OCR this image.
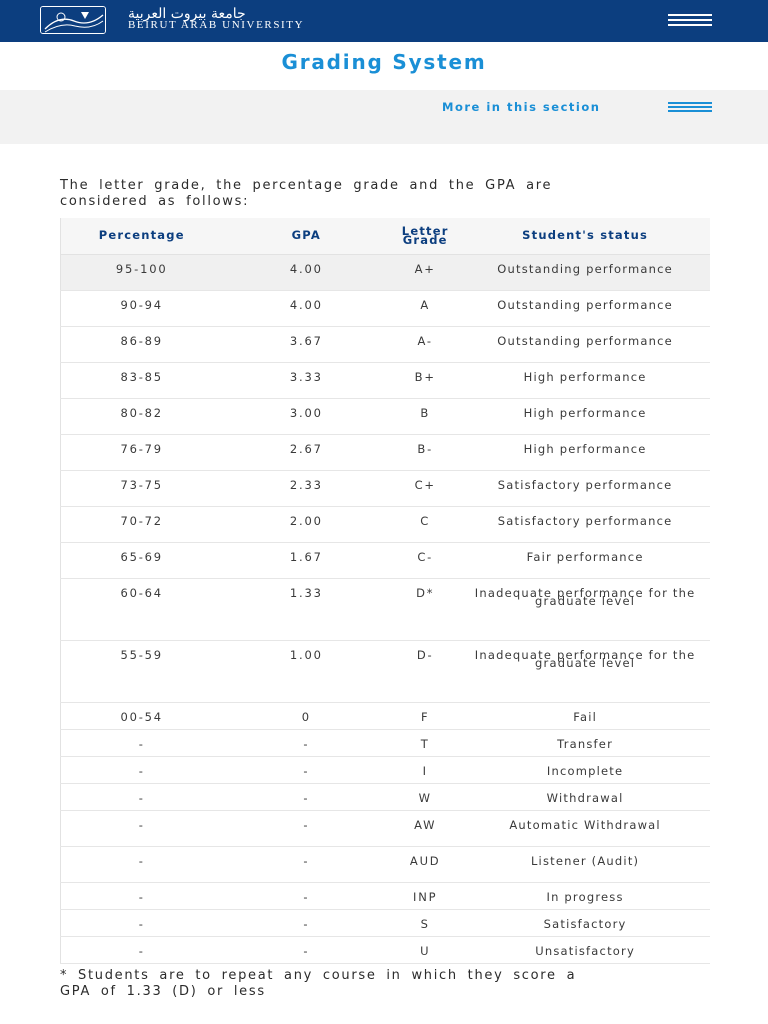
جامعة بيروت العربية
BEIRUT ARAB UNIVERSITY
Grading System
More in this section

The letter grade, the percentage grade and the GPA are considered as follows:

Percentage	GPA	Letter Grade	Student's status
95-100	4.00	A+	Outstanding performance
90-94	4.00	A	Outstanding performance
86-89	3.67	A-	Outstanding performance
83-85	3.33	B+	High performance
80-82	3.00	B	High performance
76-79	2.67	B-	High performance
73-75	2.33	C+	Satisfactory performance
70-72	2.00	C	Satisfactory performance
65-69	1.67	C-	Fair performance
60-64	1.33	D*	Inadequate performance for the graduate level
55-59	1.00	D-	Inadequate performance for the graduate level
00-54	0	F	Fail
-	-	T	Transfer
-	-	I	Incomplete
-	-	W	Withdrawal
-	-	AW	Automatic Withdrawal
-	-	AUD	Listener (Audit)
-	-	INP	In progress
-	-	S	Satisfactory
-	-	U	Unsatisfactory

* Students are to repeat any course in which they score a GPA of 1.33 (D) or less
